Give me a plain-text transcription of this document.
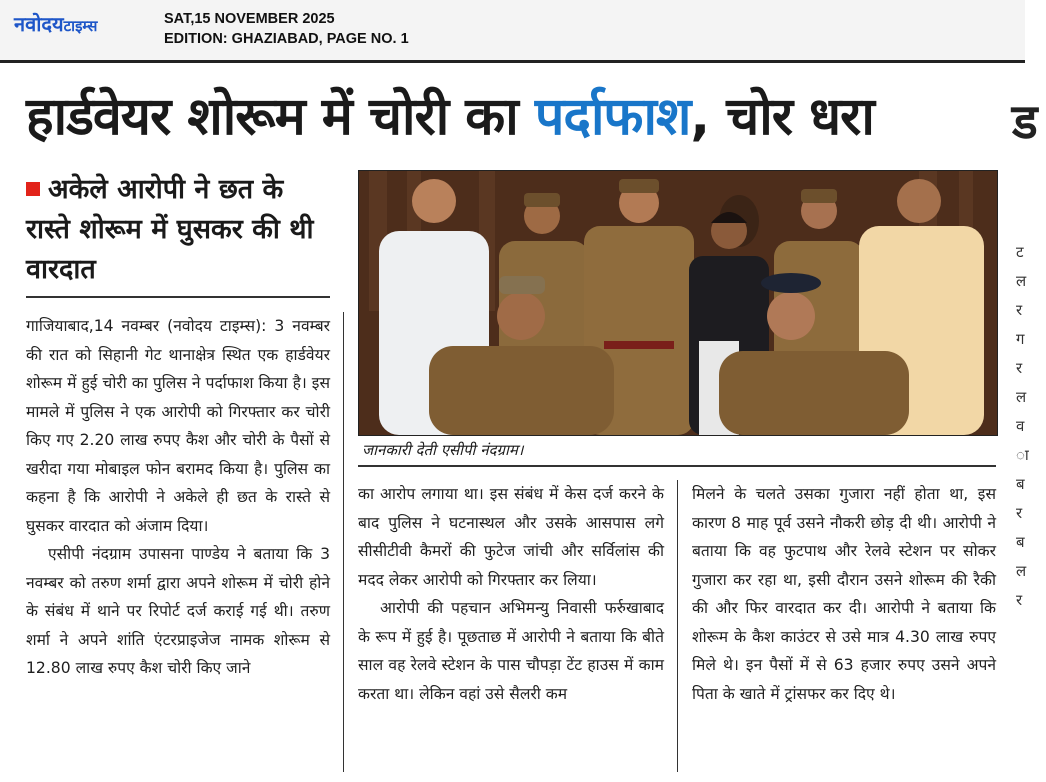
नवोदयटाइम्स	SAT,15 NOVEMBER 2025
EDITION: GHAZIABAD, PAGE NO. 1
हार्डवेयर शोरूम में चोरी का पर्दाफाश, चोर धरा	ड
ट
ल
र
ग
र
ल
व
ा
ब
र
ब
ल
र
अकेले आरोपी ने छत के रास्ते शोरूम में घुसकर की थी वारदात

गाजियाबाद,14 नवम्बर (नवोदय टाइम्स): 3 नवम्बर की रात को सिहानी गेट थानाक्षेत्र स्थित एक हार्डवेयर शोरूम में हुई चोरी का पुलिस ने पर्दाफाश किया है। इस मामले में पुलिस ने एक आरोपी को गिरफ्तार कर चोरी किए गए 2.20 लाख रुपए कैश और चोरी के पैसों से खरीदा गया मोबाइल फोन बरामद किया है। पुलिस का कहना है कि आरोपी ने अकेले ही छत के रास्ते से घुसकर वारदात को अंजाम दिया।

एसीपी नंदग्राम उपासना पाण्डेय ने बताया कि 3 नवम्बर को तरुण शर्मा द्वारा अपने शोरूम में चोरी होने के संबंध में थाने पर रिपोर्ट दर्ज कराई गई थी। तरुण शर्मा ने अपने शांति एंटरप्राइजेज नामक शोरूम से 12.80 लाख रुपए कैश चोरी किए जाने

जानकारी देती एसीपी नंदग्राम।

का आरोप लगाया था। इस संबंध में केस दर्ज करने के बाद पुलिस ने घटनास्थल और उसके आसपास लगे सीसीटीवी कैमरों की फुटेज जांची और सर्विलांस की मदद लेकर आरोपी को गिरफ्तार कर लिया।

आरोपी की पहचान अभिमन्यु निवासी फर्रुखाबाद के रूप में हुई है। पूछताछ में आरोपी ने बताया कि बीते साल वह रेलवे स्टेशन के पास चौपड़ा टेंट हाउस में काम करता था। लेकिन वहां उसे सैलरी कम

मिलने के चलते उसका गुजारा नहीं होता था, इस कारण 8 माह पूर्व उसने नौकरी छोड़ दी थी। आरोपी ने बताया कि वह फुटपाथ और रेलवे स्टेशन पर सोकर गुजारा कर रहा था, इसी दौरान उसने शोरूम की रैकी की और फिर वारदात कर दी। आरोपी ने बताया कि शोरूम के कैश काउंटर से उसे मात्र 4.30 लाख रुपए मिले थे। इन पैसों में से 63 हजार रुपए उसने अपने पिता के खाते में ट्रांसफर कर दिए थे।
